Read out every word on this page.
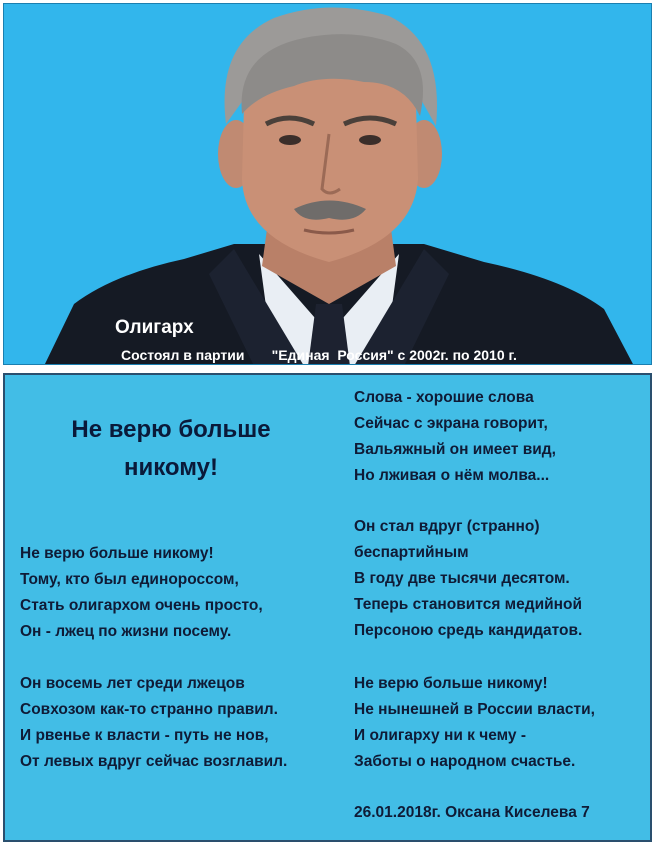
Олигарх
Состоял в партии       "Единая  Россия" с 2002г. по 2010 г.
Не верю больше
никому!
Не верю больше никому!
Тому, кто был единороссом,
Стать олигархом очень просто,
Он - лжец по жизни посему.
Он восемь лет среди лжецов
Совхозом как-то странно правил.
И рвенье к власти - путь не нов,
От левых вдруг сейчас возглавил.
Слова - хорошие слова
Сейчас с экрана говорит,
Вальяжный он имеет вид,
Но лживая о нём молва...
Он стал вдруг (странно)
беспартийным
В году две тысячи десятом.
Теперь становится медийной
Персоною средь кандидатов.
Не верю больше никому!
Не нынешней в России власти,
И олигарху ни к чему -
Заботы о народном счастье.
26.01.2018г. Оксана Киселева 7
